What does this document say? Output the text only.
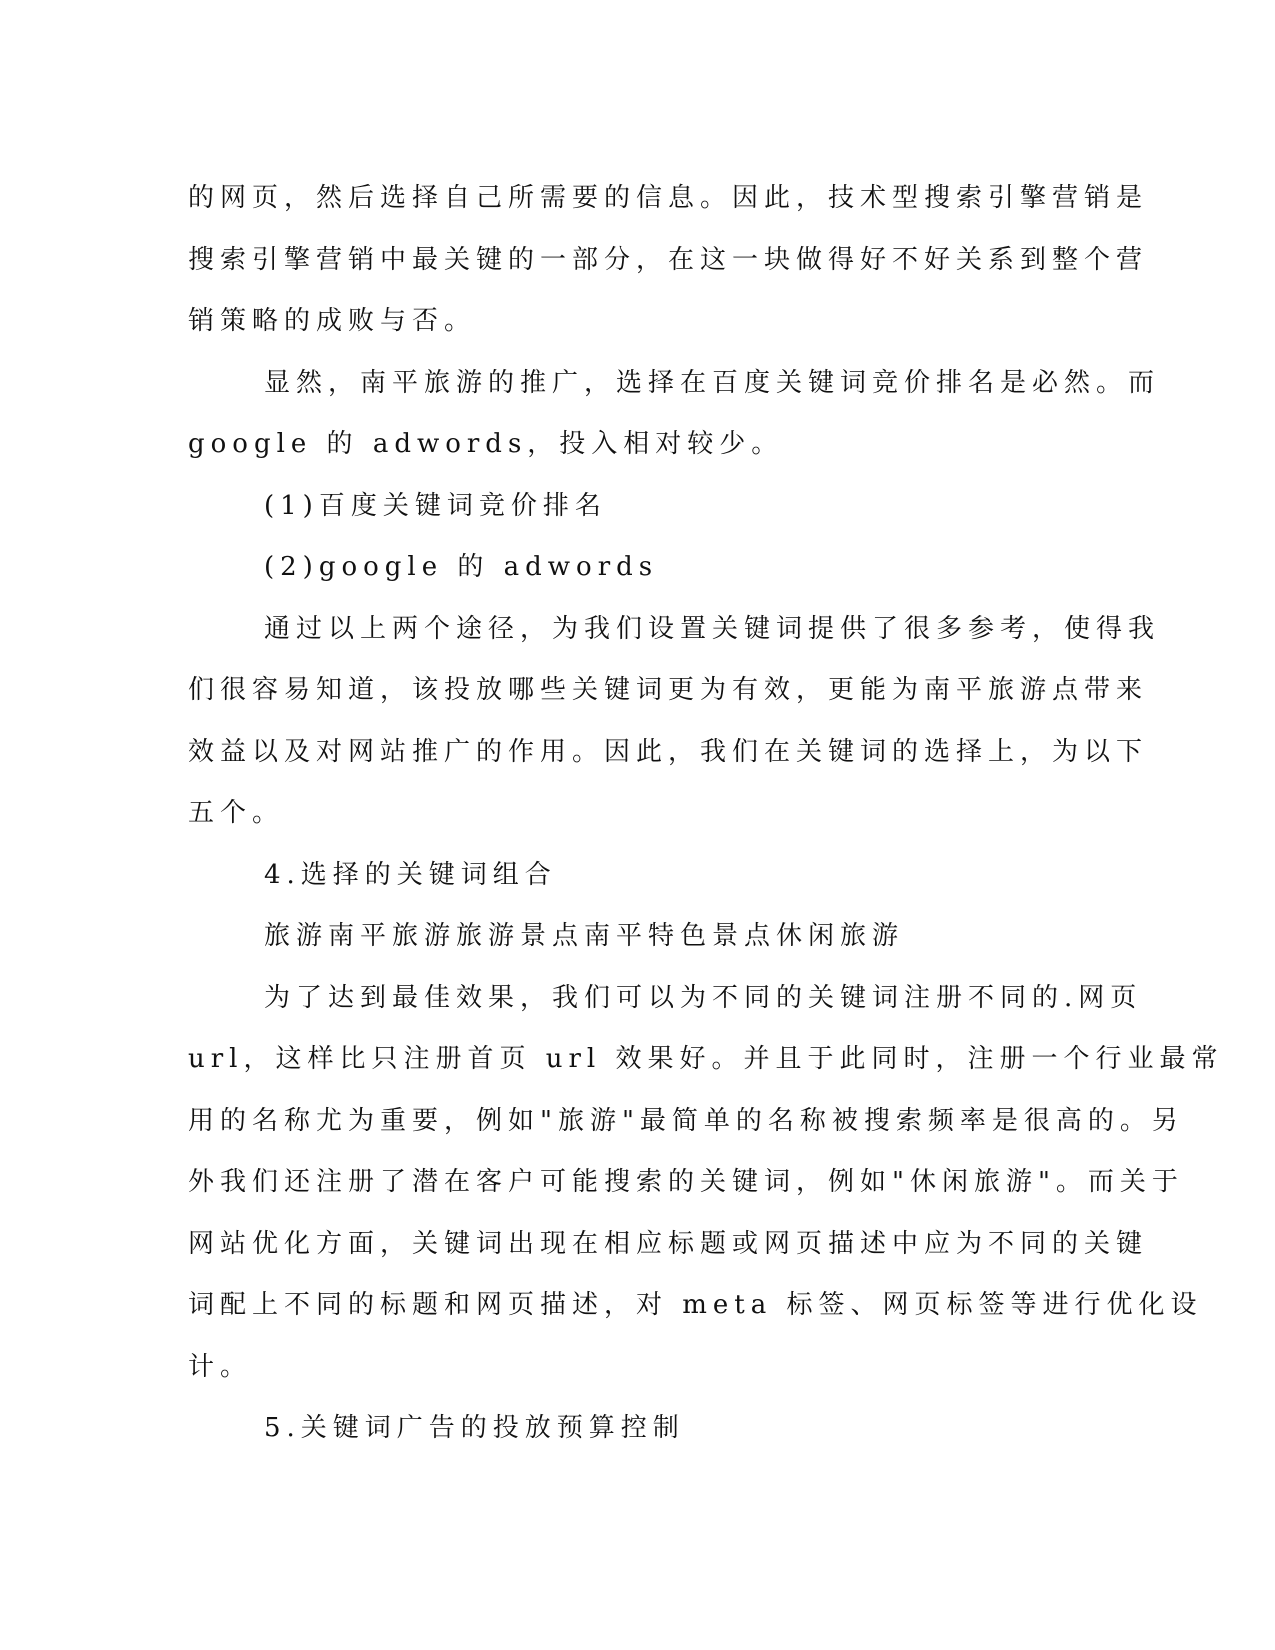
的网页，然后选择自己所需要的信息。因此，技术型搜索引擎营销是
搜索引擎营销中最关键的一部分，在这一块做得好不好关系到整个营
销策略的成败与否。

显然，南平旅游的推广，选择在百度关键词竞价排名是必然。而
google 的 adwords，投入相对较少。

(1)百度关键词竞价排名

(2)google 的 adwords

通过以上两个途径，为我们设置关键词提供了很多参考，使得我
们很容易知道，该投放哪些关键词更为有效，更能为南平旅游点带来
效益以及对网站推广的作用。因此，我们在关键词的选择上，为以下
五个。

4.选择的关键词组合

旅游南平旅游旅游景点南平特色景点休闲旅游

为了达到最佳效果，我们可以为不同的关键词注册不同的.网页
url，这样比只注册首页 url 效果好。并且于此同时，注册一个行业最常
用的名称尤为重要，例如"旅游"最简单的名称被搜索频率是很高的。另
外我们还注册了潜在客户可能搜索的关键词，例如"休闲旅游"。而关于
网站优化方面，关键词出现在相应标题或网页描述中应为不同的关键
词配上不同的标题和网页描述，对 meta 标签、网页标签等进行优化设
计。

5.关键词广告的投放预算控制
